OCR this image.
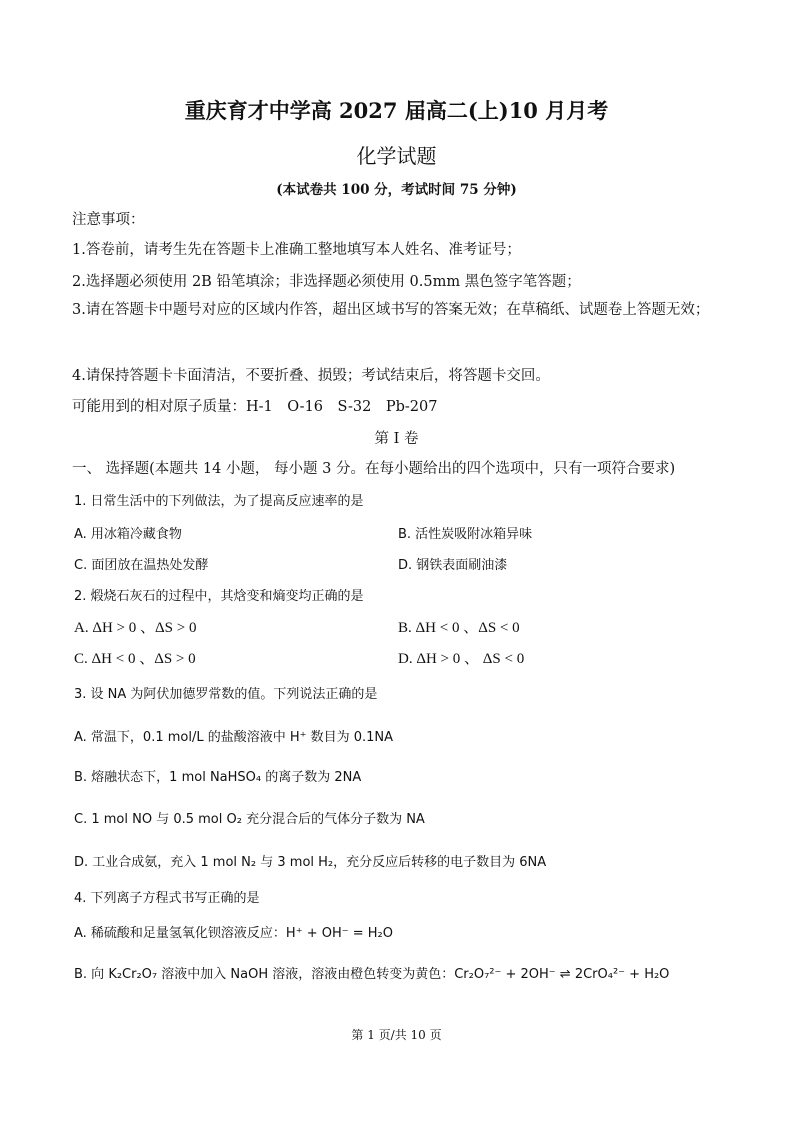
重庆育才中学高 2027 届高二(上)10 月月考
化学试题
(本试卷共 100 分，考试时间 75 分钟)
注意事项：
1.答卷前，请考生先在答题卡上准确工整地填写本人姓名、准考证号；
2.选择题必须使用 2B 铅笔填涂；非选择题必须使用 0.5mm 黑色签字笔答题；
3.请在答题卡中题号对应的区域内作答，超出区域书写的答案无效；在草稿纸、试题卷上答题无效；
4.请保持答题卡卡面清洁，不要折叠、损毁；考试结束后，将答题卡交回。
可能用到的相对原子质量：H-1　O-16　S-32　Pb-207
第 I 卷
一、 选择题(本题共 14 小题， 每小题 3 分。在每小题给出的四个选项中，只有一项符合要求)
1. 日常生活中的下列做法，为了提高反应速率的是
A. 用冰箱冷藏食物	B. 活性炭吸附冰箱异味
C. 面团放在温热处发酵	D. 钢铁表面刷油漆
2. 煅烧石灰石的过程中，其焓变和熵变均正确的是
A. ΔH > 0 、ΔS > 0	B. ΔH < 0 、ΔS < 0
C. ΔH < 0 、ΔS > 0	D. ΔH > 0 、 ΔS < 0
3. 设 NA 为阿伏加德罗常数的值。下列说法正确的是
A. 常温下，0.1 mol/L 的盐酸溶液中 H⁺ 数目为 0.1NA
B. 熔融状态下，1 mol NaHSO₄ 的离子数为 2NA
C. 1 mol NO 与 0.5 mol O₂ 充分混合后的气体分子数为 NA
D. 工业合成氨，充入 1 mol N₂ 与 3 mol H₂，充分反应后转移的电子数目为 6NA
4. 下列离子方程式书写正确的是
A. 稀硫酸和足量氢氧化钡溶液反应：H⁺ + OH⁻ = H₂O
B. 向 K₂Cr₂O₇ 溶液中加入 NaOH 溶液，溶液由橙色转变为黄色：Cr₂O₇²⁻ + 2OH⁻ ⇌ 2CrO₄²⁻ + H₂O
第 1 页/共 10 页
